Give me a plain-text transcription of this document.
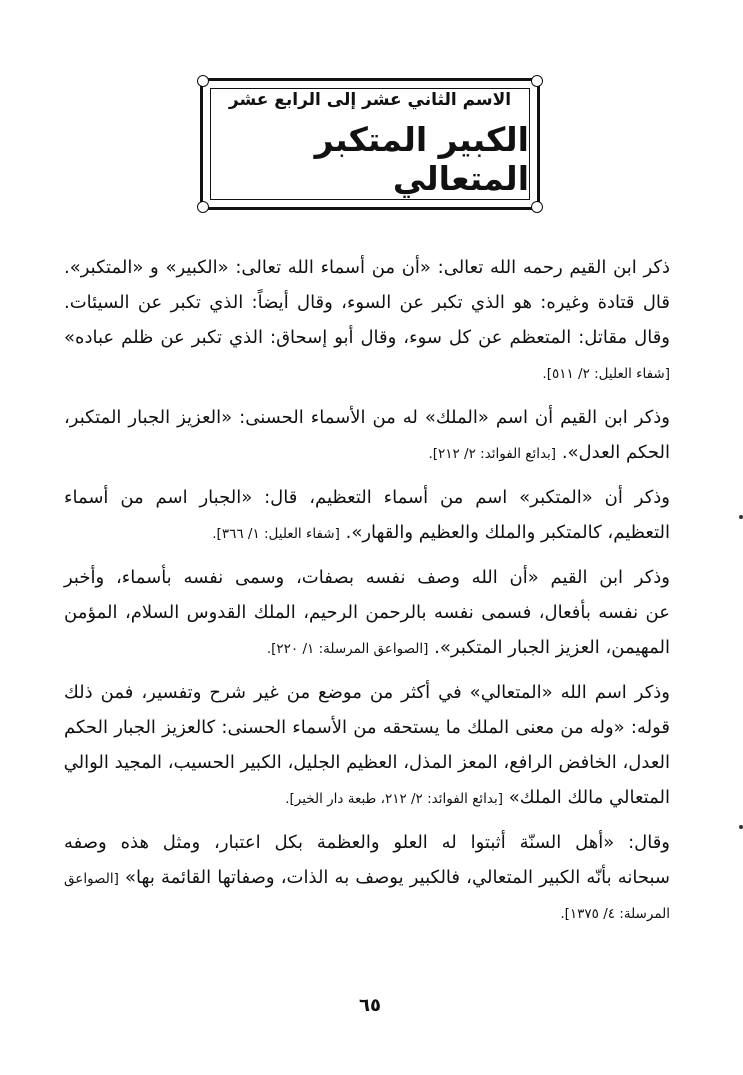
الاسم الثاني عشر إلى الرابع عشر
الكبير المتكبر المتعالي
ذكر ابن القيم رحمه الله تعالى: «أن من أسماء الله تعالى: «الكبير» و «المتكبر».
قال قتادة وغيره: هو الذي تكبر عن السوء، وقال أيضاً: الذي تكبر عن السيئات.
وقال مقاتل: المتعظم عن كل سوء، وقال أبو إسحاق: الذي تكبر عن ظلم عباده»
[شفاء العليل: ٢/ ٥١١].
وذكر ابن القيم أن اسم «الملك» له من الأسماء الحسنى: «العزيز الجبار المتكبر،
الحكم العدل». [بدائع الفوائد: ٢/ ٢١٢].
وذكر أن «المتكبر» اسم من أسماء التعظيم، قال: «الجبار اسم من أسماء
التعظيم، كالمتكبر والملك والعظيم والقهار». [شفاء العليل: ١/ ٣٦٦].
وذكر ابن القيم «أن الله وصف نفسه بصفات، وسمى نفسه بأسماء، وأخبر
عن نفسه بأفعال، فسمى نفسه بالرحمن الرحيم، الملك القدوس السلام، المؤمن
المهيمن، العزيز الجبار المتكبر». [الصواعق المرسلة: ١/ ٢٢٠].
وذكر اسم الله «المتعالي» في أكثر من موضع من غير شرح وتفسير، فمن ذلك
قوله: «وله من معنى الملك ما يستحقه من الأسماء الحسنى: كالعزيز الجبار الحكم
العدل، الخافض الرافع، المعز المذل، العظيم الجليل، الكبير الحسيب، المجيد الوالي
المتعالي مالك الملك» [بدائع الفوائد: ٢/ ٢١٢، طبعة دار الخير].
وقال: «أهل السنّة أثبتوا له العلو والعظمة بكل اعتبار، ومثل هذه وصفه
سبحانه بأنّه الكبير المتعالي، فالكبير يوصف به الذات، وصفاتها القائمة بها» [الصواعق
المرسلة: ٤/ ١٣٧٥].
٦٥
